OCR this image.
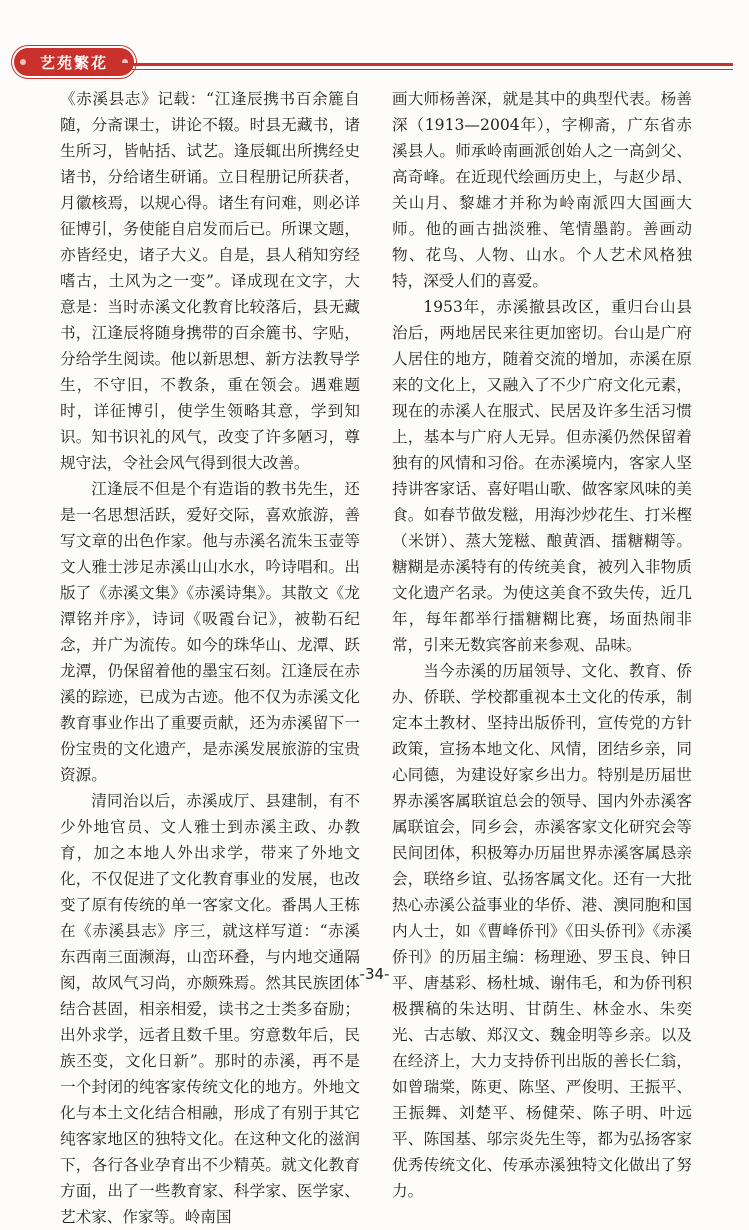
艺苑繁花

《赤溪县志》记载：“江逢辰携书百余簏自随，分斋课士，讲论不辍。时县无藏书，诸生所习，皆帖括、试艺。逢辰辄出所携经史诸书，分给诸生研诵。立日程册记所获者，月徽核焉，以规心得。诸生有问难，则必详征博引，务使能自启发而后已。所课文题，亦皆经史，诸子大义。自是，县人稍知穷经嗜古，土风为之一变”。译成现在文字，大意是：当时赤溪文化教育比较落后，县无藏书，江逢辰将随身携带的百余簏书、字贴，分给学生阅读。他以新思想、新方法教导学生，不守旧，不教条，重在领会。遇难题时，详征博引，使学生领略其意，学到知识。知书识礼的风气，改变了许多陋习，尊规守法，令社会风气得到很大改善。

江逢辰不但是个有造诣的教书先生，还是一名思想活跃，爱好交际，喜欢旅游，善写文章的出色作家。他与赤溪名流朱玉壶等文人雅士涉足赤溪山山水水，吟诗唱和。出版了《赤溪文集》《赤溪诗集》。其散文《龙潭铭并序》，诗词《吸霞台记》，被勒石纪念，并广为流传。如今的珠华山、龙潭、跃龙潭，仍保留着他的墨宝石刻。江逢辰在赤溪的踪迹，已成为古迹。他不仅为赤溪文化教育事业作出了重要贡献，还为赤溪留下一份宝贵的文化遗产，是赤溪发展旅游的宝贵资源。

清同治以后，赤溪成厅、县建制，有不少外地官员、文人雅士到赤溪主政、办教育，加之本地人外出求学，带来了外地文化，不仅促进了文化教育事业的发展，也改变了原有传统的单一客家文化。番禺人王栋在《赤溪县志》序三，就这样写道：“赤溪东西南三面濒海，山峦环叠，与内地交通隔阂，故风气习尚，亦颇殊焉。然其民族团体结合甚固，相亲相爱，读书之士类多奋励；出外求学，远者且数千里。穷意数年后，民族丕变，文化日新”。那时的赤溪，再不是一个封闭的纯客家传统文化的地方。外地文化与本土文化结合相融，形成了有别于其它纯客家地区的独特文化。在这种文化的滋润下，各行各业孕育出不少精英。就文化教育方面，出了一些教育家、科学家、医学家、艺术家、作家等。岭南国

画大师杨善深，就是其中的典型代表。杨善深（1913—2004年），字柳斋，广东省赤溪县人。师承岭南画派创始人之一高剑父、高奇峰。在近现代绘画历史上，与赵少昂、关山月、黎雄才并称为岭南派四大国画大师。他的画古拙淡雅、笔情墨韵。善画动物、花鸟、人物、山水。个人艺术风格独特，深受人们的喜爱。

1953年，赤溪撤县改区，重归台山县治后，两地居民来往更加密切。台山是广府人居住的地方，随着交流的增加，赤溪在原来的文化上，又融入了不少广府文化元素，现在的赤溪人在服式、民居及许多生活习惯上，基本与广府人无异。但赤溪仍然保留着独有的风情和习俗。在赤溪境内，客家人坚持讲客家话、喜好唱山歌、做客家风味的美食。如春节做发糍，用海沙炒花生、打米樫（米饼）、蒸大笼糍、酿黄酒、擂糖糊等。糖糊是赤溪特有的传统美食，被列入非物质文化遗产名录。为使这美食不致失传，近几年，每年都举行擂糖糊比赛，场面热闹非常，引来无数宾客前来参观、品味。

当今赤溪的历届领导、文化、教育、侨办、侨联、学校都重视本土文化的传承，制定本土教材、坚持出版侨刊，宣传党的方针政策，宣扬本地文化、风情，团结乡亲，同心同德，为建设好家乡出力。特别是历届世界赤溪客属联谊总会的领导、国内外赤溪客属联谊会，同乡会，赤溪客家文化研究会等民间团体，积极筹办历届世界赤溪客属恳亲会，联络乡谊、弘扬客属文化。还有一大批热心赤溪公益事业的华侨、港、澳同胞和国内人士，如《曹峰侨刊》《田头侨刊》《赤溪侨刊》的历届主编：杨理逊、罗玉良、钟日平、唐基彩、杨杜城、谢伟毛，和为侨刊积极撰稿的朱达明、甘荫生、林金水、朱奕光、古志敏、郑汉文、魏金明等乡亲。以及在经济上，大力支持侨刊出版的善长仁翁，如曾瑞棠，陈更、陈坚、严俊明、王振平、王振舞、刘楚平、杨健荣、陈子明、叶远平、陈国基、邬宗炎先生等，都为弘扬客家优秀传统文化、传承赤溪独特文化做出了努力。

-34-
